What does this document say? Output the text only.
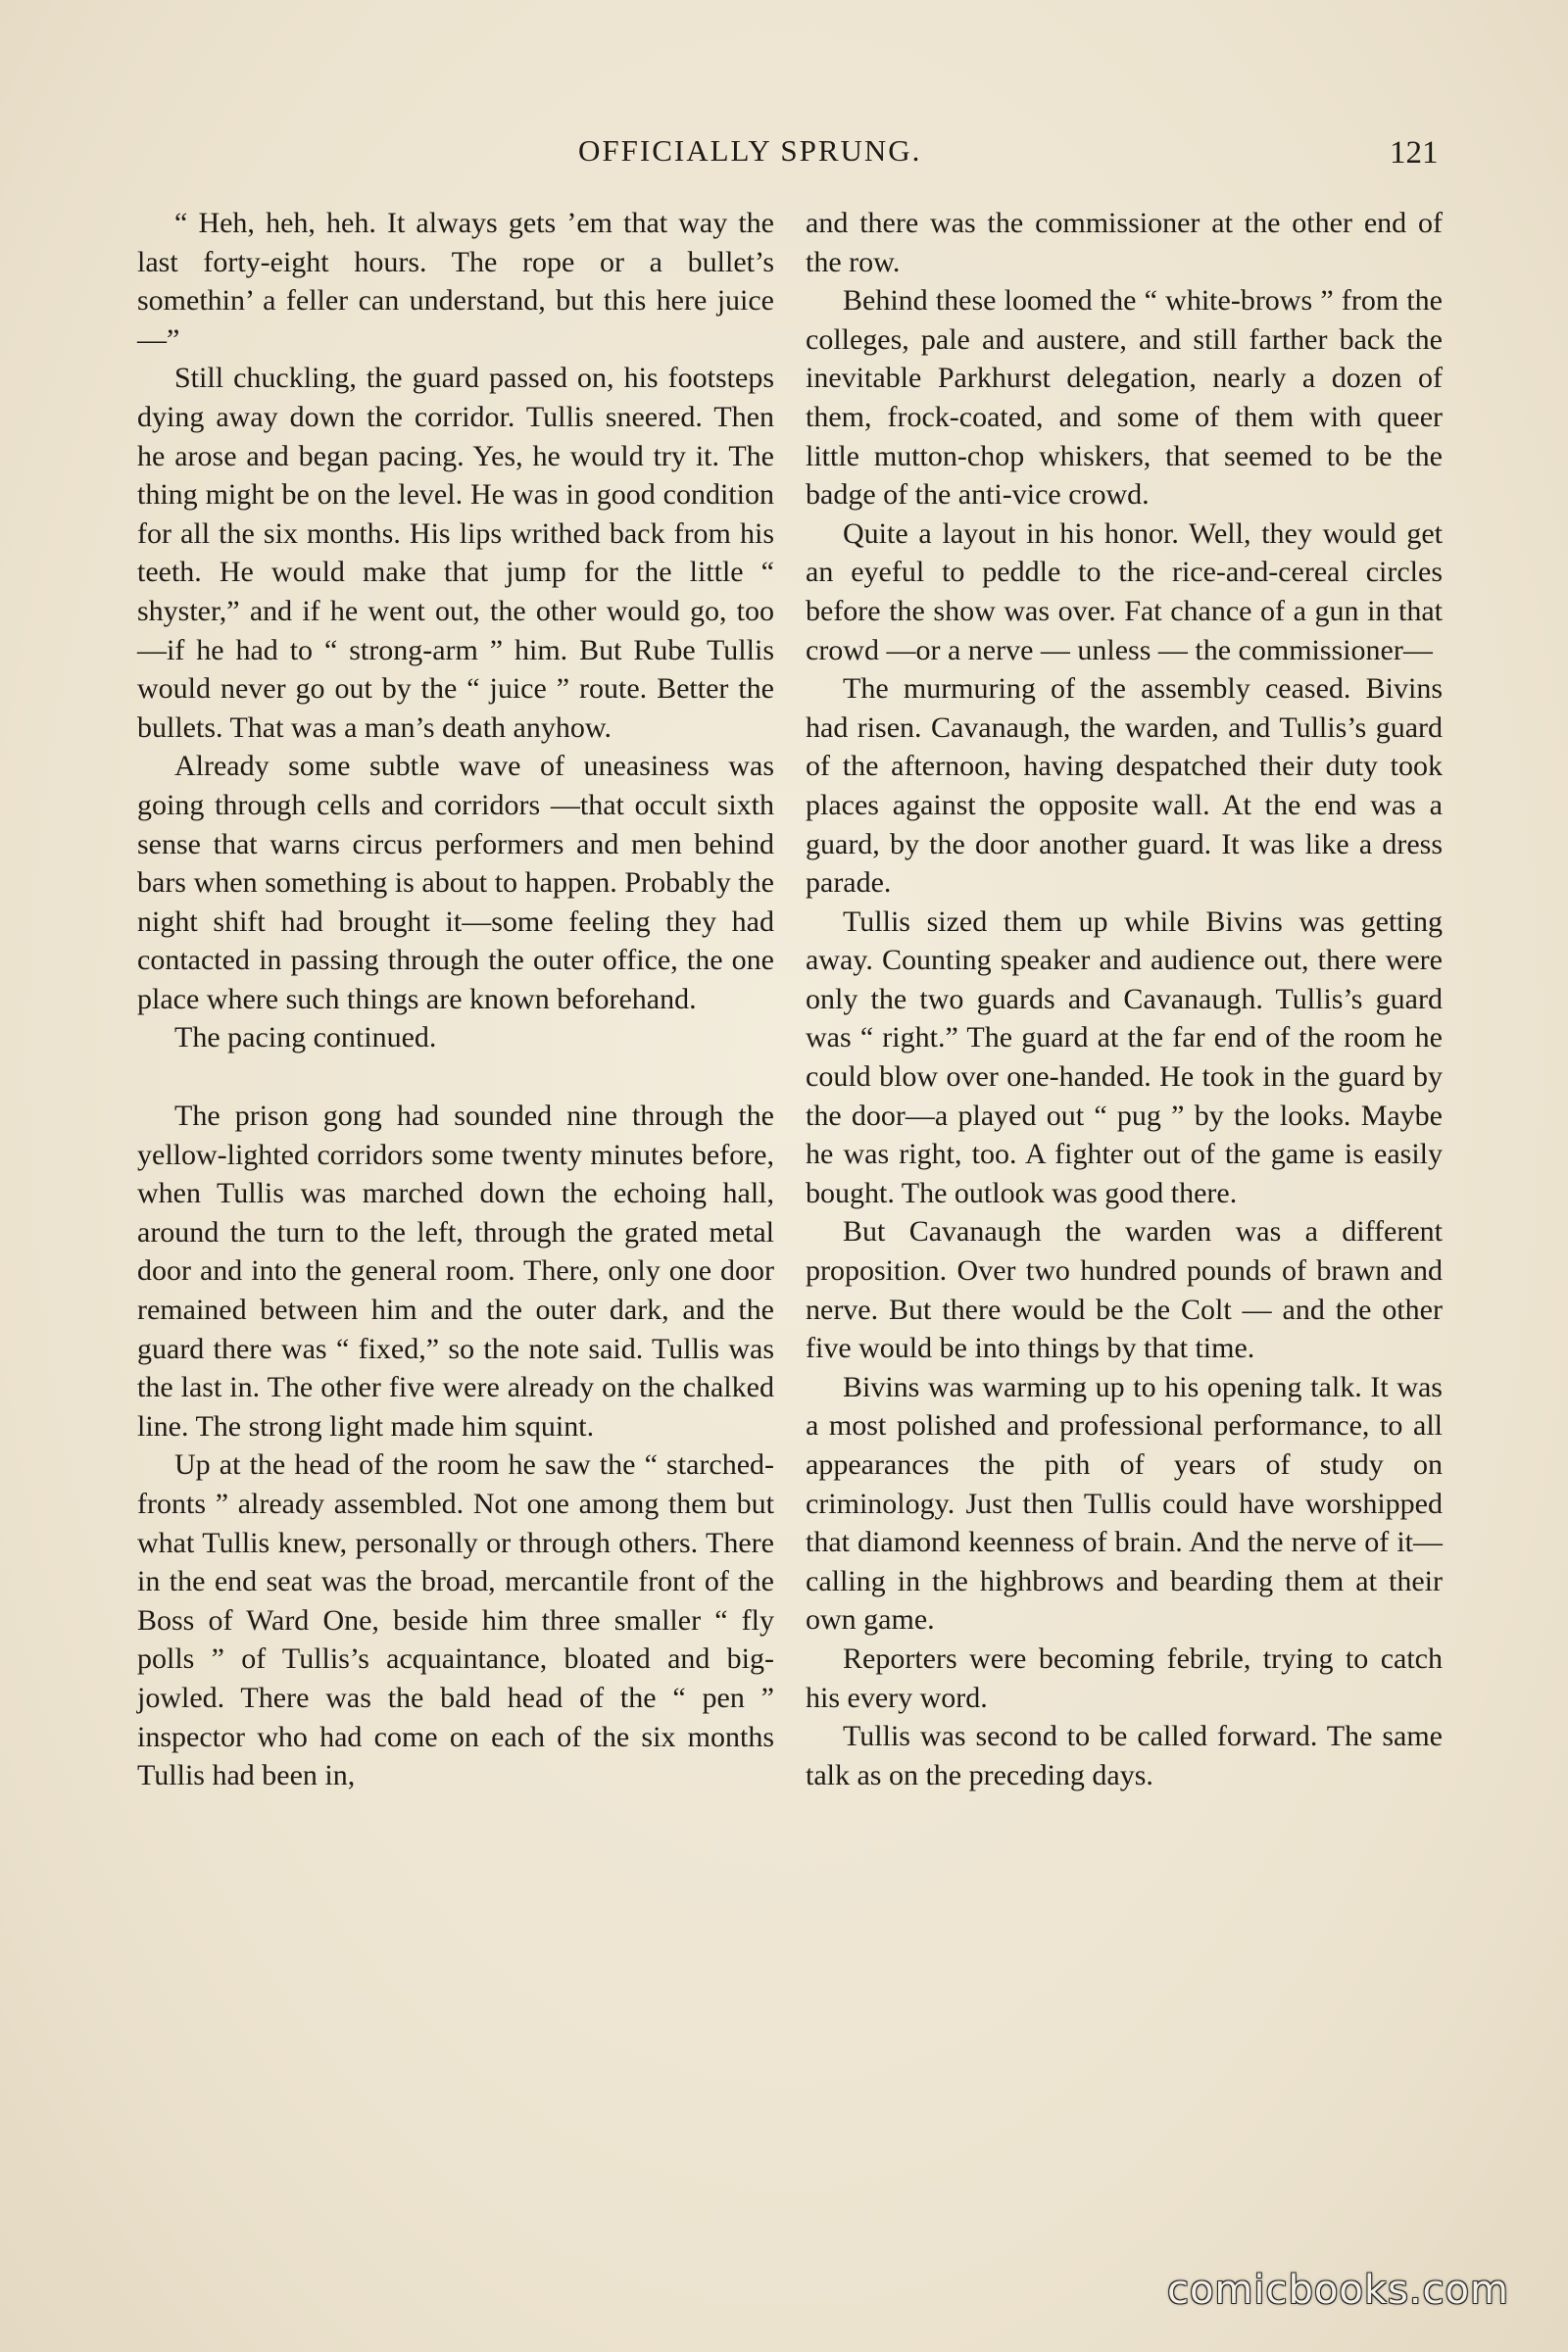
OFFICIALLY SPRUNG.	121

“ Heh, heh, heh. It always gets ’em that way the last forty-eight hours. The rope or a bullet’s somethin’ a feller can understand, but this here juice—”

Still chuckling, the guard passed on, his footsteps dying away down the corridor. Tullis sneered. Then he arose and began pacing. Yes, he would try it. The thing might be on the level. He was in good condition for all the six months. His lips writhed back from his teeth. He would make that jump for the little “ shyster,” and if he went out, the other would go, too—if he had to “ strong-arm ” him. But Rube Tullis would never go out by the “ juice ” route. Better the bullets. That was a man’s death anyhow.

Already some subtle wave of uneasiness was going through cells and corridors —that occult sixth sense that warns circus performers and men behind bars when something is about to happen. Probably the night shift had brought it—some feeling they had contacted in passing through the outer office, the one place where such things are known beforehand.

The pacing continued.

The prison gong had sounded nine through the yellow-lighted corridors some twenty minutes before, when Tullis was marched down the echoing hall, around the turn to the left, through the grated metal door and into the general room. There, only one door remained between him and the outer dark, and the guard there was “ fixed,” so the note said. Tullis was the last in. The other five were already on the chalked line. The strong light made him squint.

Up at the head of the room he saw the “ starched-fronts ” already assembled. Not one among them but what Tullis knew, personally or through others. There in the end seat was the broad, mercantile front of the Boss of Ward One, beside him three smaller “ fly polls ” of Tullis’s acquaintance, bloated and big-jowled. There was the bald head of the “ pen ” inspector who had come on each of the six months Tullis had been in,

and there was the commissioner at the other end of the row.

Behind these loomed the “ white-brows ” from the colleges, pale and austere, and still farther back the inevitable Parkhurst delegation, nearly a dozen of them, frock-coated, and some of them with queer little mutton-chop whiskers, that seemed to be the badge of the anti-vice crowd.

Quite a layout in his honor. Well, they would get an eyeful to peddle to the rice-and-cereal circles before the show was over. Fat chance of a gun in that crowd —or a nerve — unless — the commissioner—

The murmuring of the assembly ceased. Bivins had risen. Cavanaugh, the warden, and Tullis’s guard of the afternoon, having despatched their duty took places against the opposite wall. At the end was a guard, by the door another guard. It was like a dress parade.

Tullis sized them up while Bivins was getting away. Counting speaker and audience out, there were only the two guards and Cavanaugh. Tullis’s guard was “ right.” The guard at the far end of the room he could blow over one-handed. He took in the guard by the door—a played out “ pug ” by the looks. Maybe he was right, too. A fighter out of the game is easily bought. The outlook was good there.

But Cavanaugh the warden was a different proposition. Over two hundred pounds of brawn and nerve. But there would be the Colt — and the other five would be into things by that time.

Bivins was warming up to his opening talk. It was a most polished and professional performance, to all appearances the pith of years of study on criminology. Just then Tullis could have worshipped that diamond keenness of brain. And the nerve of it—calling in the highbrows and bearding them at their own game.

Reporters were becoming febrile, trying to catch his every word.

Tullis was second to be called forward. The same talk as on the preceding days.

comicbooks.com
